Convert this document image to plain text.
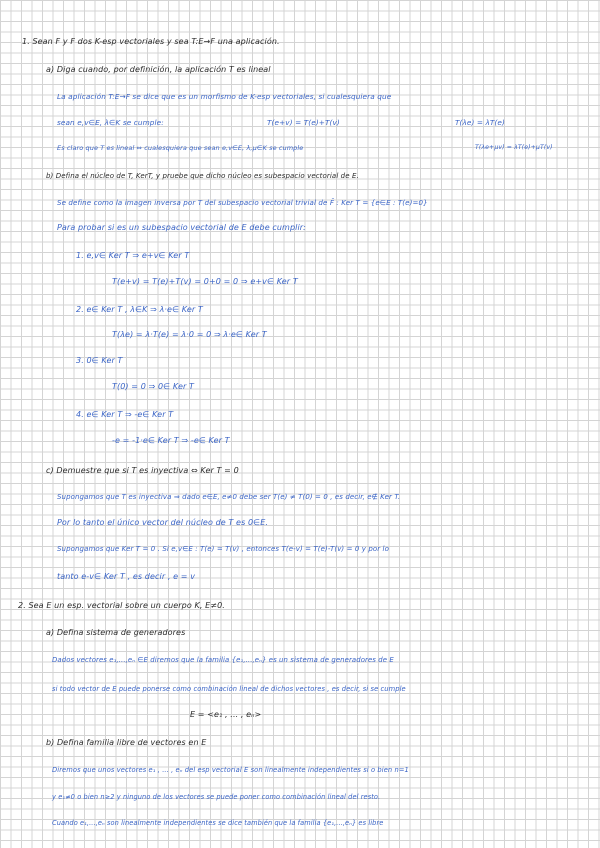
1. Sean F y F dos K-esp vectoriales y sea T:E→F una aplicación.
a) Diga cuando, por definición, la aplicación T es lineal
La aplicación T:E→F se dice que es un morfismo de K-esp vectoriales, si cualesquiera que
sean e,v∈E, λ∈K se cumple:	T(e+v) = T(e)+T(v)	T(λe) = λT(e)
Es claro que T es lineal ⇔ cualesquiera que sean e,v∈E, λ,μ∈K se cumple	T(λe+μv) = λT(e)+μT(v)
b) Defina el núcleo de T, KerT, y pruebe que dicho núcleo es subespacio vectorial de E.
Se define como la imagen inversa por T del subespacio vectorial trivial de F̄ : Ker T = {e∈E : T(e)=0}
Para probar si es un subespacio vectorial de E debe cumplir:
1. e,v∈ Ker T ⇒ e+v∈ Ker T
T(e+v) = T(e)+T(v) = 0+0 = 0 ⇒ e+v∈ Ker T
2. e∈ Ker T , λ∈K ⇒ λ·e∈ Ker T
T(λe) = λ·T(e) = λ·0 = 0 ⇒ λ·e∈ Ker T
3. 0∈ Ker T
T(0) = 0 ⇒ 0∈ Ker T
4. e∈ Ker T ⇒ -e∈ Ker T
-e = -1·e∈ Ker T ⇒ -e∈ Ker T
c) Demuestre que si T es inyectiva ⇔ Ker T = 0
Supongamos que T es inyectiva ⇒ dado e∈E, e≠0 debe ser T(e) ≠ T(0) = 0 , es decir, e∉ Ker T.
Por lo tanto el único vector del núcleo de T es 0∈E.
Supongamos que Ker T = 0 . Si e,v∈E : T(e) = T(v) , entonces T(e-v) = T(e)-T(v) = 0 y por lo
tanto e-v∈ Ker T , es decir , e = v
2. Sea E un esp. vectorial sobre un cuerpo K, E≠0.
a) Defina sistema de generadores
Dados vectores e₁,...,eₙ ∈E diremos que la familia {e₁,...,eₙ} es un sistema de generadores de E
si todo vector de E puede ponerse como combinación lineal de dichos vectores , es decir, si se cumple
E = <e₁ , ... , eₙ>
b) Defina familia libre de vectores en E
Diremos que unos vectores e₁ , ... , eₙ del esp vectorial E son linealmente independientes si o bien n=1
y e₁≠0 o bien n≥2 y ninguno de los vectores se puede poner como combinación lineal del resto.
Cuando e₁,...,eₙ son linealmente independientes se dice también que la familia {e₁,...,eₙ} es libre
